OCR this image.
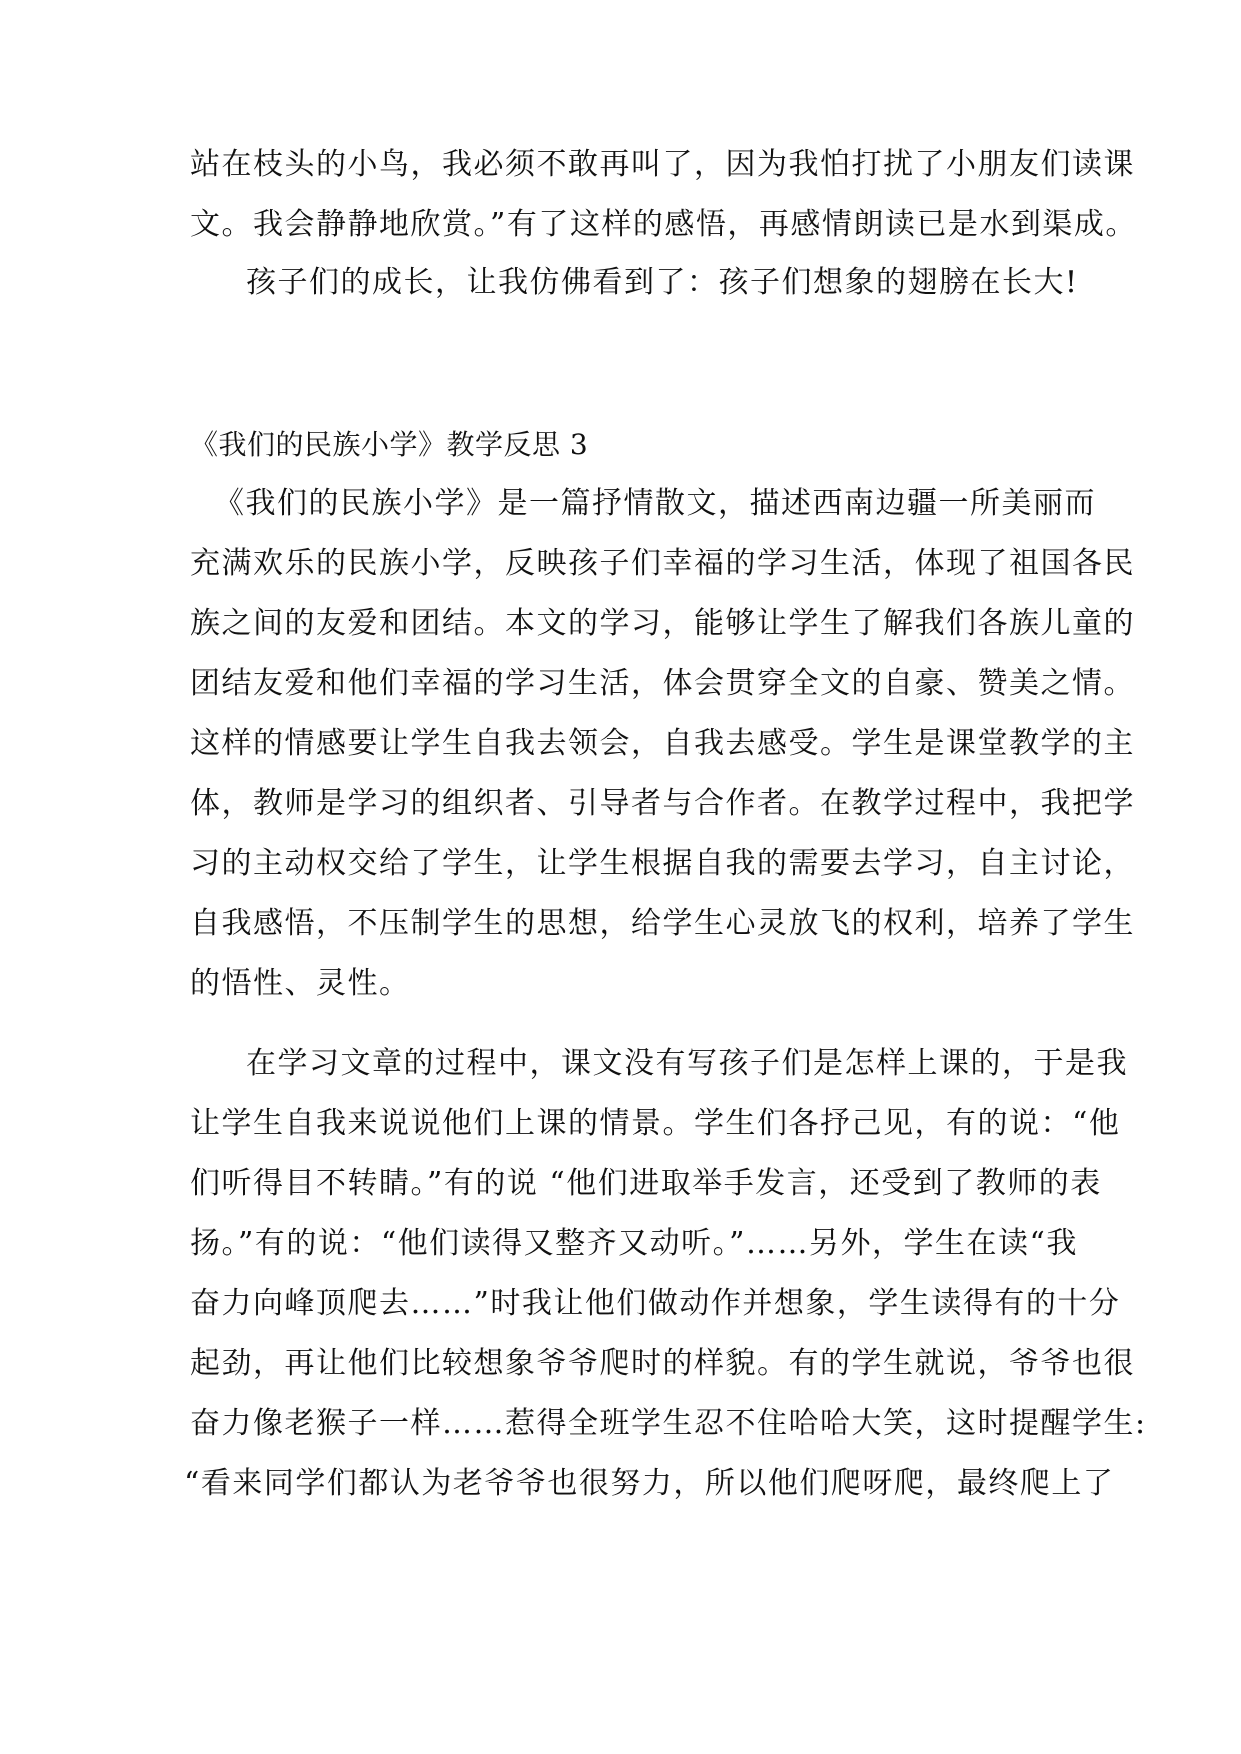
站在枝头的小鸟，我必须不敢再叫了，因为我怕打扰了小朋友们读课
文。我会静静地欣赏。”有了这样的感悟，再感情朗读已是水到渠成。
孩子们的成长，让我仿佛看到了：孩子们想象的翅膀在长大!
《我们的民族小学》教学反思 3
《我们的民族小学》是一篇抒情散文，描述西南边疆一所美丽而
充满欢乐的民族小学，反映孩子们幸福的学习生活，体现了祖国各民
族之间的友爱和团结。本文的学习，能够让学生了解我们各族儿童的
团结友爱和他们幸福的学习生活，体会贯穿全文的自豪、赞美之情。
这样的情感要让学生自我去领会，自我去感受。学生是课堂教学的主
体，教师是学习的组织者、引导者与合作者。在教学过程中，我把学
习的主动权交给了学生，让学生根据自我的需要去学习，自主讨论，
自我感悟，不压制学生的思想，给学生心灵放飞的权利，培养了学生
的悟性、灵性。
在学习文章的过程中，课文没有写孩子们是怎样上课的，于是我
让学生自我来说说他们上课的情景。学生们各抒己见，有的说：“他
们听得目不转睛。”有的说 “他们进取举手发言，还受到了教师的表
扬。”有的说：“他们读得又整齐又动听。”……另外，学生在读“我
奋力向峰顶爬去……”时我让他们做动作并想象，学生读得有的十分
起劲，再让他们比较想象爷爷爬时的样貌。有的学生就说，爷爷也很
奋力像老猴子一样……惹得全班学生忍不住哈哈大笑，这时提醒学生:
“看来同学们都认为老爷爷也很努力，所以他们爬呀爬，最终爬上了
